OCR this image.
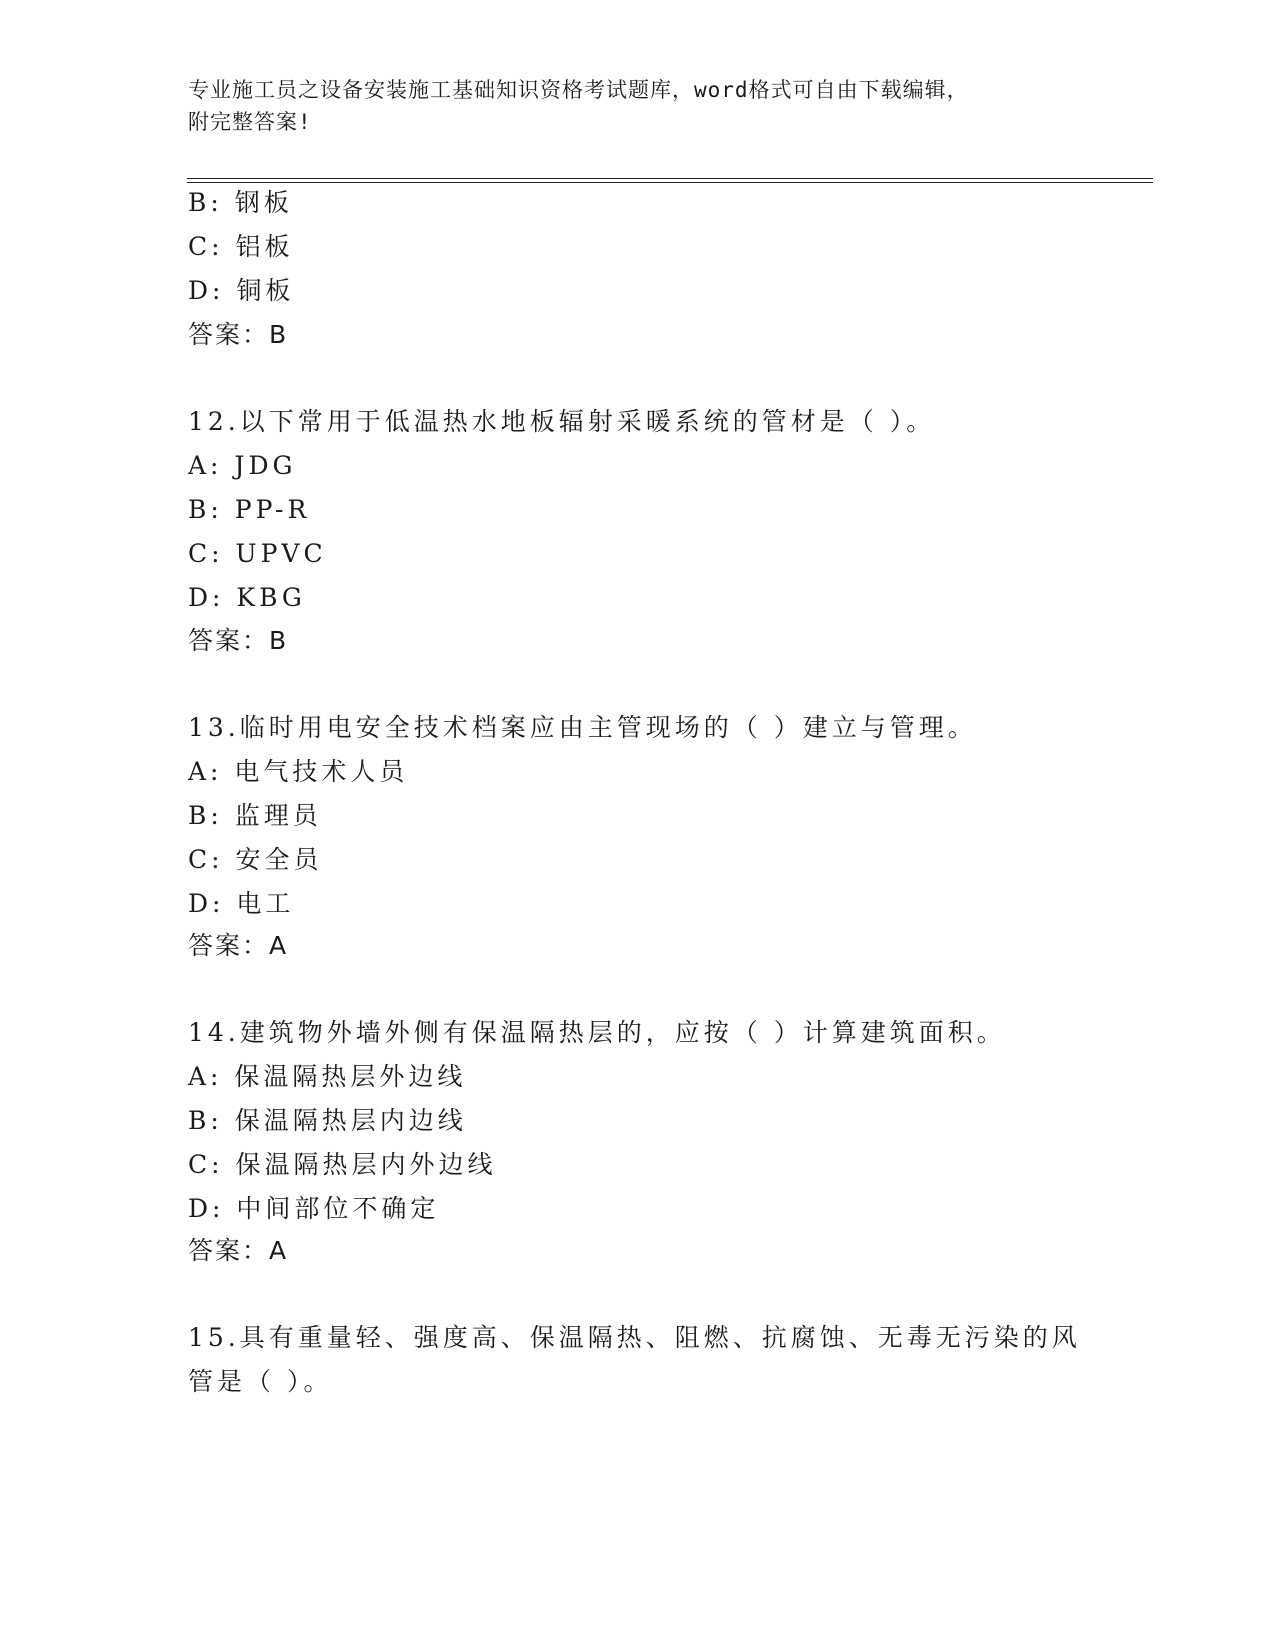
专业施工员之设备安装施工基础知识资格考试题库，word格式可自由下载编辑，
附完整答案!
B: 钢板
C: 铝板
D: 铜板
答案：B
12.以下常用于低温热水地板辐射采暖系统的管材是（ ）。
A: JDG
B: PP-R
C: UPVC
D: KBG
答案：B
13.临时用电安全技术档案应由主管现场的（ ）建立与管理。
A: 电气技术人员
B: 监理员
C: 安全员
D: 电工
答案：A
14.建筑物外墙外侧有保温隔热层的，应按（ ）计算建筑面积。
A: 保温隔热层外边线
B: 保温隔热层内边线
C: 保温隔热层内外边线
D: 中间部位不确定
答案：A
15.具有重量轻、强度高、保温隔热、阻燃、抗腐蚀、无毒无污染的风
管是（ ）。
